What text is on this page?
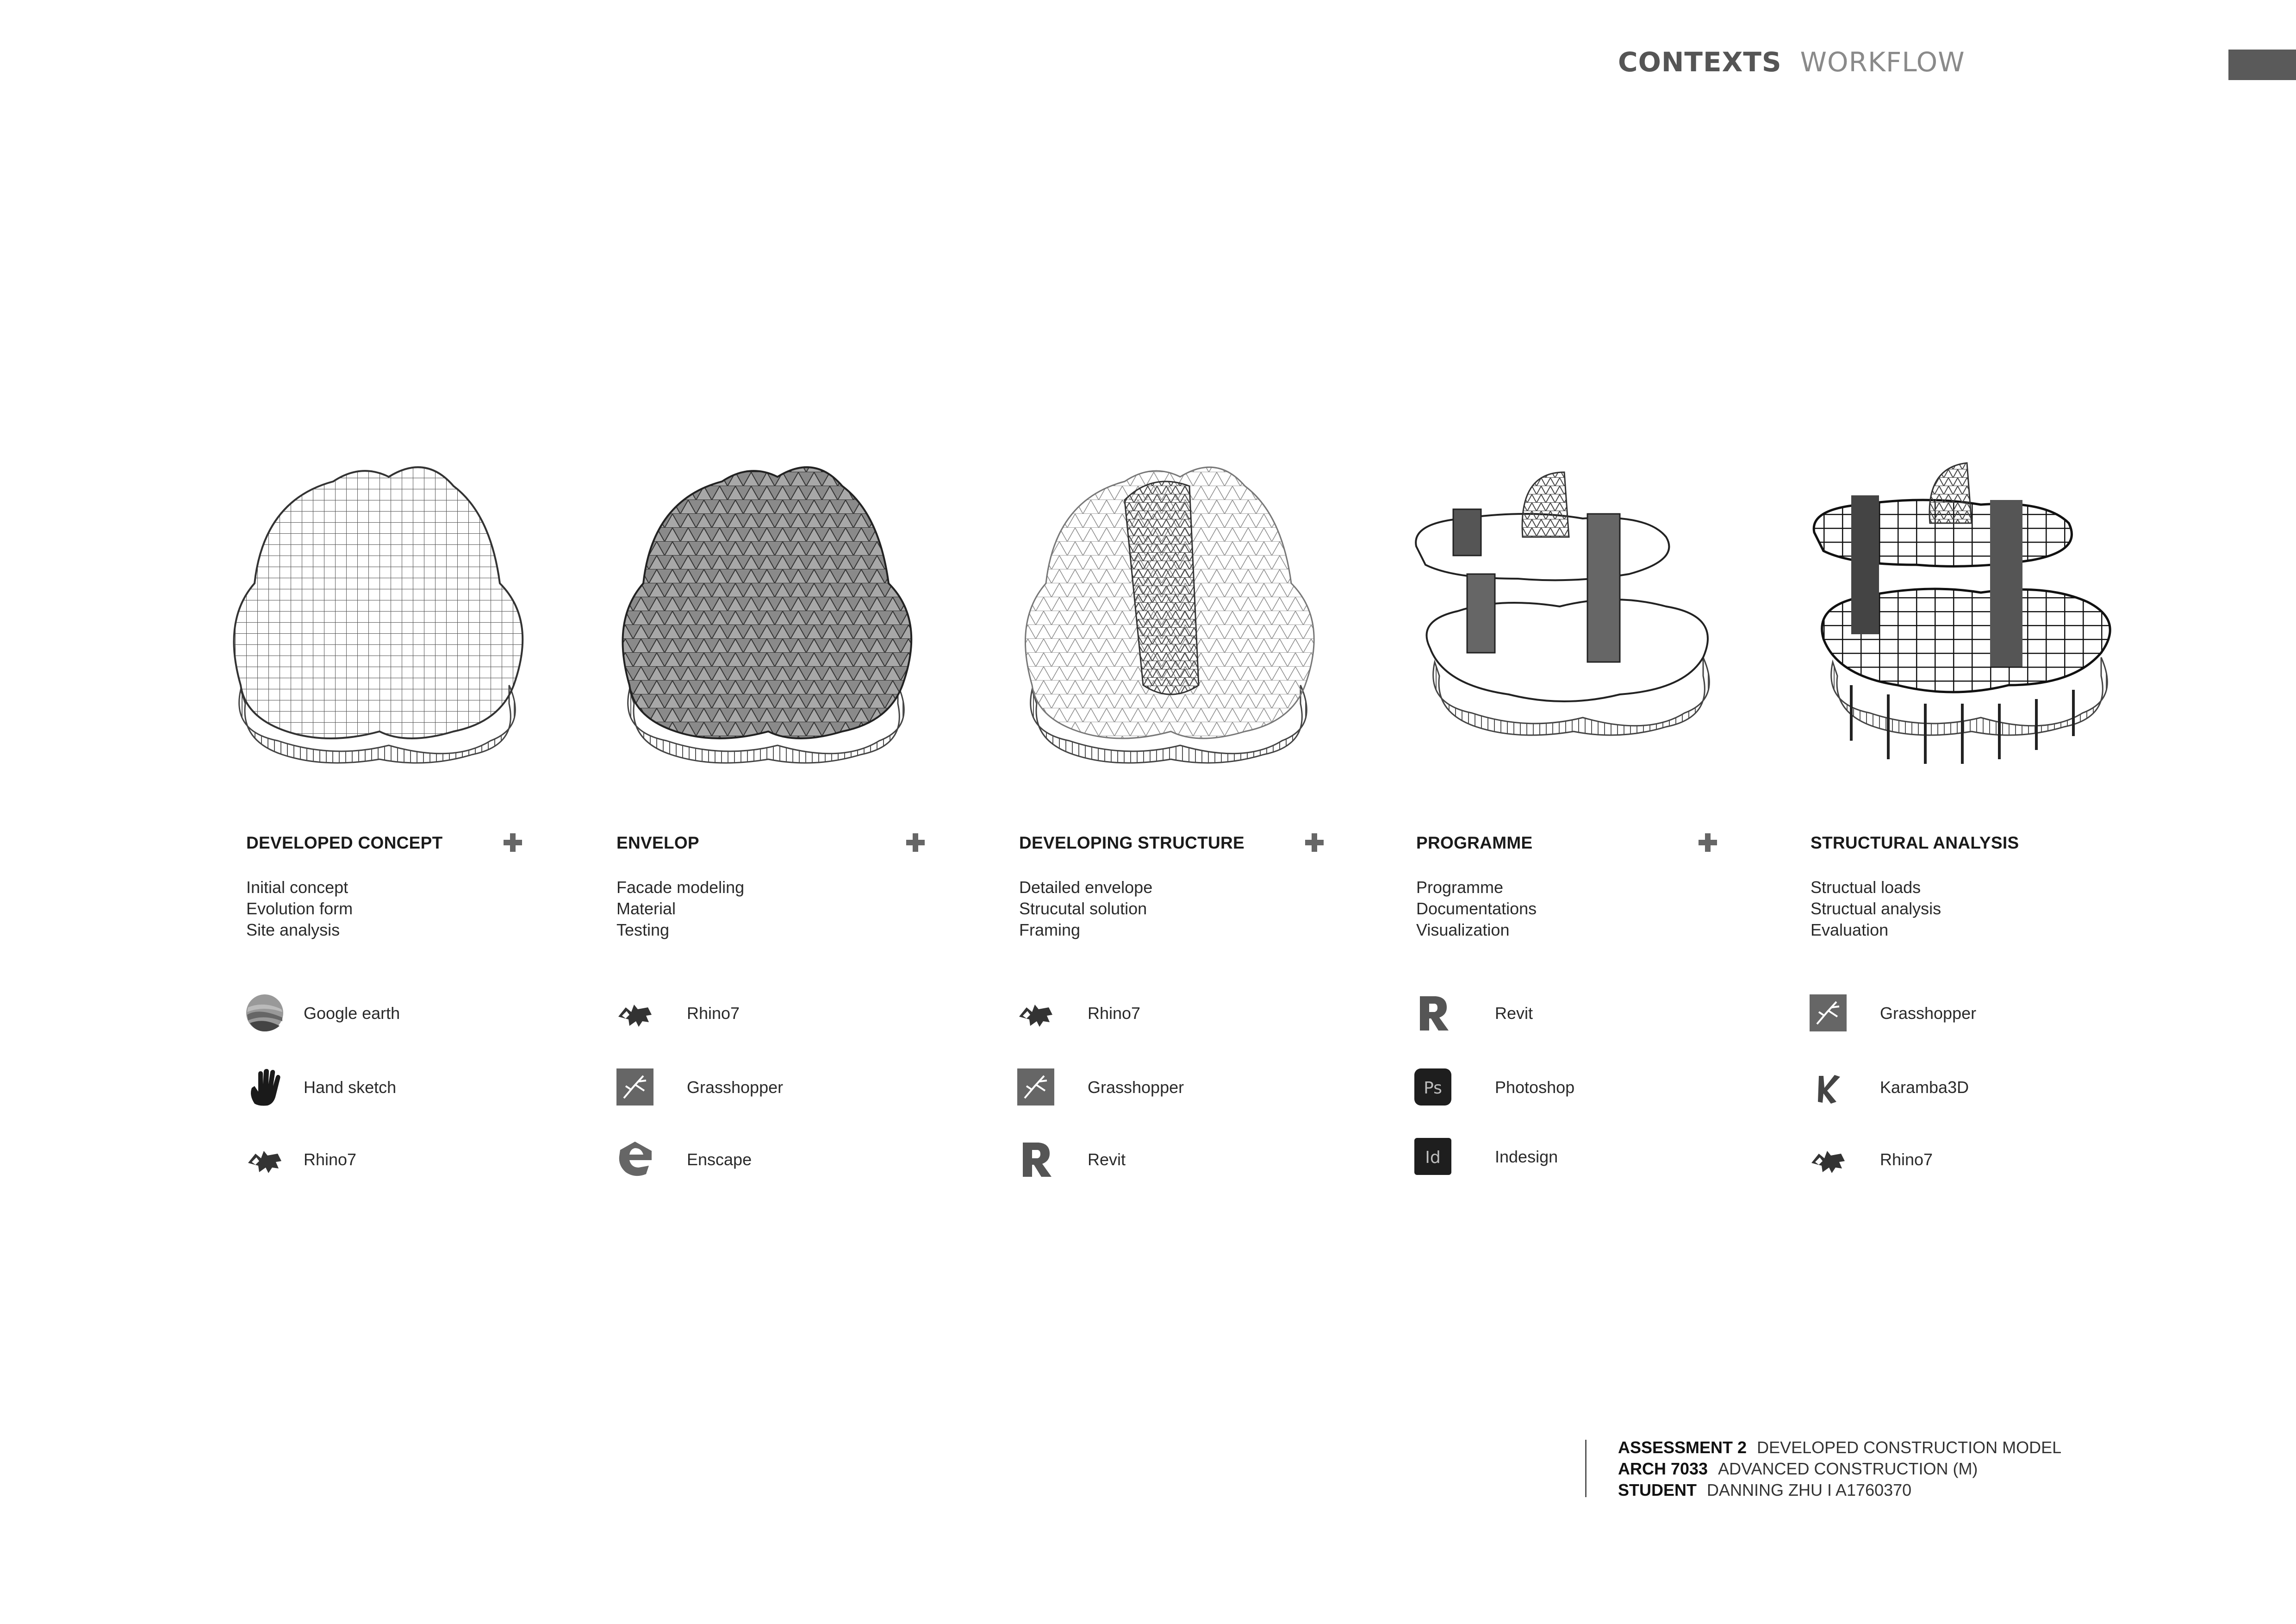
CONTEXTS WORKFLOW
DEVELOPED CONCEPT
Initial concept
Evolution form
Site analysis
ENVELOP
Facade modeling
Material
Testing
DEVELOPING STRUCTURE
Detailed envelope
Strucutal solution
Framing
PROGRAMME
Programme
Documentations
Visualization
STRUCTURAL ANALYSIS
Structual loads
Structual analysis
Evaluation
Google earth
Hand sketch
Rhino7
Rhino7
Grasshopper
Enscape
Rhino7
Grasshopper
Revit
Revit
Ps	Photoshop
Id	Indesign
Grasshopper
Karamba3D
Rhino7
ASSESSMENT 2 DEVELOPED CONSTRUCTION MODEL
ARCH 7033 ADVANCED CONSTRUCTION (M)
STUDENT DANNING ZHU I A1760370
